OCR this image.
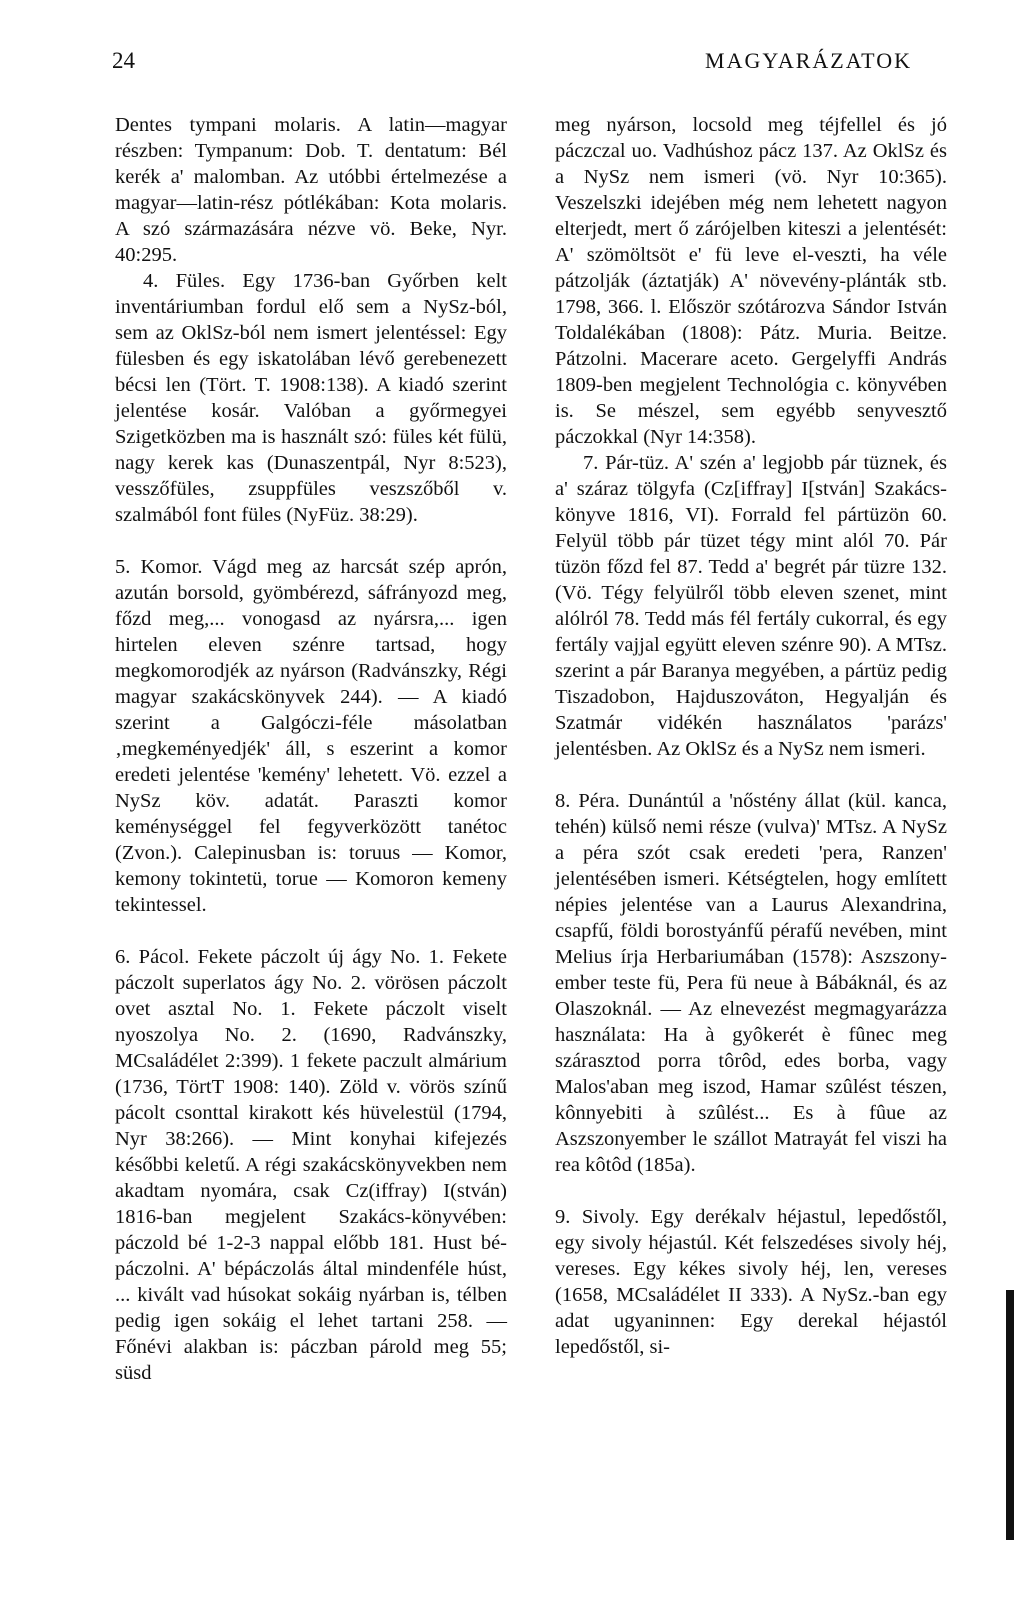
24	MAGYARÁZATOK

Dentes tympani molaris. A latin—magyar részben: Tympanum: Dob. T. dentatum: Bél kerék a' malomban. Az utóbbi értelmezése a magyar—latin-rész pótlékában: Kota molaris. A szó származására nézve vö. Beke, Nyr. 40:295.

4. Füles. Egy 1736-ban Győrben kelt inventáriumban fordul elő sem a NySz-ból, sem az OklSz-ból nem ismert jelentéssel: Egy fülesben és egy iskatolában lévő gerebenezett bécsi len (Tört. T. 1908:138). A kiadó szerint jelentése kosár. Valóban a győrmegyei Szigetközben ma is használt szó: füles két fülü, nagy kerek kas (Dunaszentpál, Nyr 8:523), vesszőfüles, zsuppfüles veszszőből v. szalmából font füles (NyFüz. 38:29).

5. Komor. Vágd meg az harcsát szép aprón, azután borsold, gyömbérezd, sáfrányozd meg, főzd meg,... vonogasd az nyársra,... igen hirtelen eleven szénre tartsad, hogy megkomorodjék az nyárson (Radvánszky, Régi magyar szakácskönyvek 244). — A kiadó szerint a Galgóczi-féle másolatban ‚megkeményedjék' áll, s eszerint a komor eredeti jelentése 'kemény' lehetett. Vö. ezzel a NySz köv. adatát. Paraszti komor keménységgel fel fegyverközött tanétoc (Zvon.). Calepinusban is: toruus — Komor, kemony tokintetü, torue — Komoron kemeny tekintessel.

6. Pácol. Fekete páczolt új ágy No. 1. Fekete páczolt superlatos ágy No. 2. vörösen páczolt ovet asztal No. 1. Fekete páczolt viselt nyoszolya No. 2. (1690, Radvánszky, MCsaládélet 2:399). 1 fekete paczult almárium (1736, TörtT 1908: 140). Zöld v. vörös színű pácolt csonttal kirakott kés hüvelestül (1794, Nyr 38:266). — Mint konyhai kifejezés későbbi keletű. A régi szakácskönyvekben nem akadtam nyomára, csak Cz(iffray) I(stván) 1816-ban megjelent Szakács-könyvében: páczold bé 1-2-3 nappal előbb 181. Hust bé-páczolni. A' bépáczolás által mindenféle húst, ... kivált vad húsokat sokáig nyárban is, télben pedig igen sokáig el lehet tartani 258. — Főnévi alakban is: páczban párold meg 55; süsd

meg nyárson, locsold meg téjfellel és jó páczczal uo. Vadhúshoz pácz 137. Az OklSz és a NySz nem ismeri (vö. Nyr 10:365). Veszelszki idejében még nem lehetett nagyon elterjedt, mert ő zárójelben kiteszi a jelentését: A' szömöltsöt e' fü leve el-veszti, ha véle pátzolják (áztatják) A' növevény-plánták stb. 1798, 366. l. Először szótározva Sándor István Toldalékában (1808): Pátz. Muria. Beitze. Pátzolni. Macerare aceto. Gergelyffi András 1809-ben megjelent Technológia c. könyvében is. Se mészel, sem egyébb senyvesztő páczokkal (Nyr 14:358).

7. Pár-tüz. A' szén a' legjobb pár tüznek, és a' száraz tölgyfa (Cz[iffray] I[stván] Szakács-könyve 1816, VI). Forrald fel pártüzön 60. Felyül több pár tüzet tégy mint alól 70. Pár tüzön főzd fel 87. Tedd a' begrét pár tüzre 132. (Vö. Tégy felyülről több eleven szenet, mint alólról 78. Tedd más fél fertály cukorral, és egy fertály vajjal együtt eleven szénre 90). A MTsz. szerint a pár Baranya megyében, a pártüz pedig Tiszadobon, Hajduszováton, Hegyalján és Szatmár vidékén használatos 'parázs' jelentésben. Az OklSz és a NySz nem ismeri.

8. Péra. Dunántúl a 'nőstény állat (kül. kanca, tehén) külső nemi része (vulva)' MTsz. A NySz a péra szót csak eredeti 'pera, Ranzen' jelentésében ismeri. Kétségtelen, hogy említett népies jelentése van a Laurus Alexandrina, csapfű, földi borostyánfű pérafű nevében, mint Melius írja Herbariumában (1578): Aszszony-ember teste fü, Pera fü neue à Bábáknál, és az Olaszoknál. — Az elnevezést megmagyarázza használata: Ha à gyôkerét è fûnec meg szárasztod porra tôrôd, edes borba, vagy Malos'aban meg iszod, Hamar szûlést tészen, kônnyebiti à szûlést... Es à fûue az Aszszonyember le szállot Matrayát fel viszi ha rea kôtôd (185a).

9. Sivoly. Egy derékalv héjastul, lepedőstől, egy sivoly héjastúl. Két felszedéses sivoly héj, vereses. Egy kékes sivoly héj, len, vereses (1658, MCsaládélet II 333). A NySz.-ban egy adat ugyaninnen: Egy derekal héjastól lepedőstől, si-
